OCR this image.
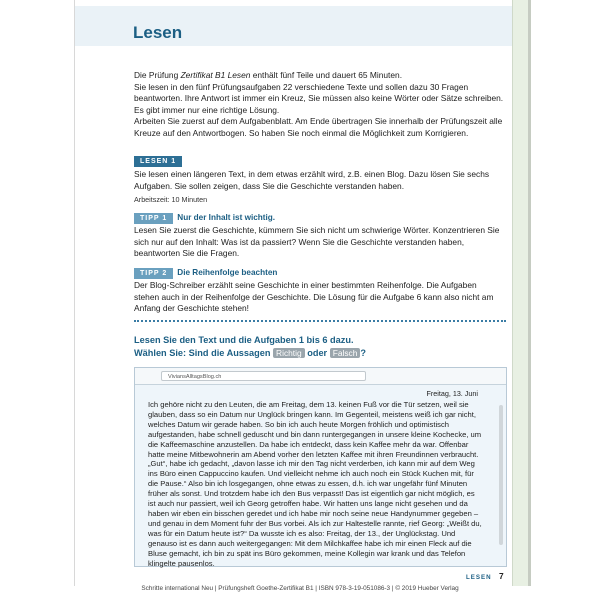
Lesen

Die Prüfung Zertifikat B1 Lesen enthält fünf Teile und dauert 65 Minuten.

Sie lesen in den fünf Prüfungsaufgaben 22 verschiedene Texte und sollen dazu 30 Fragen beantworten. Ihre Antwort ist immer ein Kreuz, Sie müssen also keine Wörter oder Sätze schreiben. Es gibt immer nur eine richtige Lösung.

Arbeiten Sie zuerst auf dem Aufgabenblatt. Am Ende übertragen Sie innerhalb der Prüfungszeit alle Kreuze auf den Antwortbogen. So haben Sie noch einmal die Möglichkeit zum Korrigieren.

LESEN 1

Sie lesen einen längeren Text, in dem etwas erzählt wird, z.B. einen Blog. Dazu lösen Sie sechs Aufgaben. Sie sollen zeigen, dass Sie die Geschichte verstanden haben.

Arbeitszeit: 10 Minuten

TIPP 1 Nur der Inhalt ist wichtig.

Lesen Sie zuerst die Geschichte, kümmern Sie sich nicht um schwierige Wörter. Konzentrieren Sie sich nur auf den Inhalt: Was ist da passiert? Wenn Sie die Geschichte verstanden haben, beantworten Sie die Fragen.

TIPP 2 Die Reihenfolge beachten

Der Blog-Schreiber erzählt seine Geschichte in einer bestimmten Reihenfolge. Die Aufgaben stehen auch in der Reihenfolge der Geschichte. Die Lösung für die Aufgabe 6 kann also nicht am Anfang der Geschichte stehen!

Lesen Sie den Text und die Aufgaben 1 bis 6 dazu.
Wählen Sie: Sind die Aussagen Richtig oder Falsch ?
ViviansAlltagsBlog.ch
Freitag, 13. Juni

Ich gehöre nicht zu den Leuten, die am Freitag, dem 13. keinen Fuß vor die Tür setzen, weil sie glauben, dass so ein Datum nur Unglück bringen kann. Im Gegenteil, meistens weiß ich gar nicht, welches Datum wir gerade haben. So bin ich auch heute Morgen fröhlich und optimistisch aufgestanden, habe schnell geduscht und bin dann runtergegangen in unsere kleine Kochecke, um die Kaffeemaschine anzustellen. Da habe ich entdeckt, dass kein Kaffee mehr da war. Offenbar hatte meine Mitbewohnerin am Abend vorher den letzten Kaffee mit ihren Freundinnen verbraucht. „Gut“, habe ich gedacht, „davon lasse ich mir den Tag nicht verderben, ich kann mir auf dem Weg ins Büro einen Cappuccino kaufen. Und vielleicht nehme ich auch noch ein Stück Kuchen mit, für die Pause.“ Also bin ich losgegangen, ohne etwas zu essen, d.h. ich war ungefähr fünf Minuten früher als sonst. Und trotzdem habe ich den Bus verpasst! Das ist eigentlich gar nicht möglich, es ist auch nur passiert, weil ich Georg getroffen habe. Wir hatten uns lange nicht gesehen und da haben wir eben ein bisschen geredet und ich habe mir noch seine neue Handynummer gegeben – und genau in dem Moment fuhr der Bus vorbei. Als ich zur Haltestelle rannte, rief Georg: „Weißt du, was für ein Datum heute ist?“ Da wusste ich es also: Freitag, der 13., der Unglückstag. Und genauso ist es dann auch weitergegangen: Mit dem Milchkaffee habe ich mir einen Fleck auf die Bluse gemacht, ich bin zu spät ins Büro gekommen, meine Kollegin war krank und das Telefon klingelte pausenlos.

LESEN 7
Schritte international Neu | Prüfungsheft Goethe-Zertifikat B1 | ISBN 978-3-19-051086-3 | © 2019 Hueber Verlag
